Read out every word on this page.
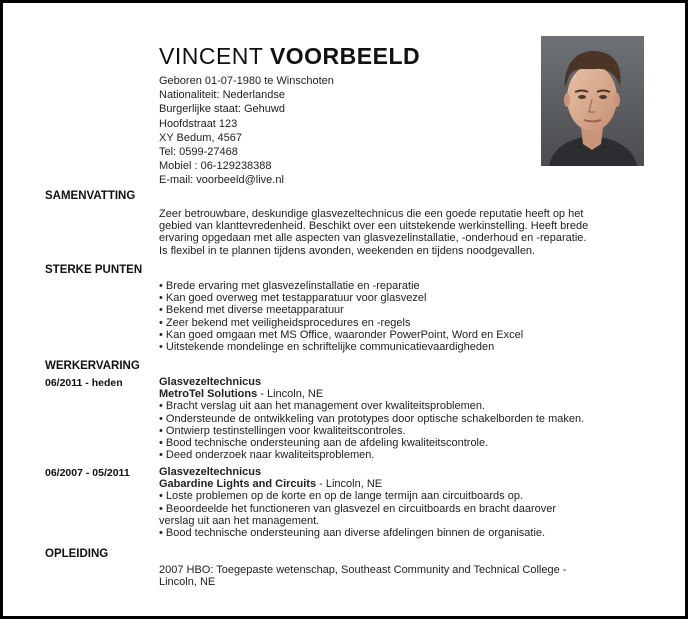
VINCENT VOORBEELD
Geboren 01-07-1980 te Winschoten
Nationaliteit: Nederlandse
Burgerlijke staat: Gehuwd
Hoofdstraat 123
XY Bedum, 4567
Tel: 0599-27468
Mobiel : 06-129238388
E-mail: voorbeeld@live.nl
SAMENVATTING
Zeer betrouwbare, deskundige glasvezeltechnicus die een goede reputatie heeft op het
gebied van klanttevredenheid. Beschikt over een uitstekende werkinstelling. Heeft brede
ervaring opgedaan met alle aspecten van glasvezelinstallatie, -onderhoud en -reparatie.
Is flexibel in te plannen tijdens avonden, weekenden en tijdens noodgevallen.
STERKE PUNTEN
• Brede ervaring met glasvezelinstallatie en -reparatie
• Kan goed overweg met testapparatuur voor glasvezel
• Bekend met diverse meetapparatuur
• Zeer bekend met veiligheidsprocedures en -regels
• Kan goed omgaan met MS Office, waaronder PowerPoint, Word en Excel
• Uitstekende mondelinge en schriftelijke communicatievaardigheden
WERKERVARING
06/2011 - heden	Glasvezeltechnicus
MetroTel Solutions - Lincoln, NE
• Bracht verslag uit aan het management over kwaliteitsproblemen.
• Ondersteunde de ontwikkeling van prototypes door optische schakelborden te maken.
• Ontwierp testinstellingen voor kwaliteitscontroles.
• Bood technische ondersteuning aan de afdeling kwaliteitscontrole.
• Deed onderzoek naar kwaliteitsproblemen.
06/2007 - 05/2011	Glasvezeltechnicus
Gabardine Lights and Circuits - Lincoln, NE
• Loste problemen op de korte en op de lange termijn aan circuitboards op.
• Beoordeelde het functioneren van glasvezel en circuitboards en bracht daarover
verslag uit aan het management.
• Bood technische ondersteuning aan diverse afdelingen binnen de organisatie.
OPLEIDING
2007 HBO: Toegepaste wetenschap, Southeast Community and Technical College -
Lincoln, NE
